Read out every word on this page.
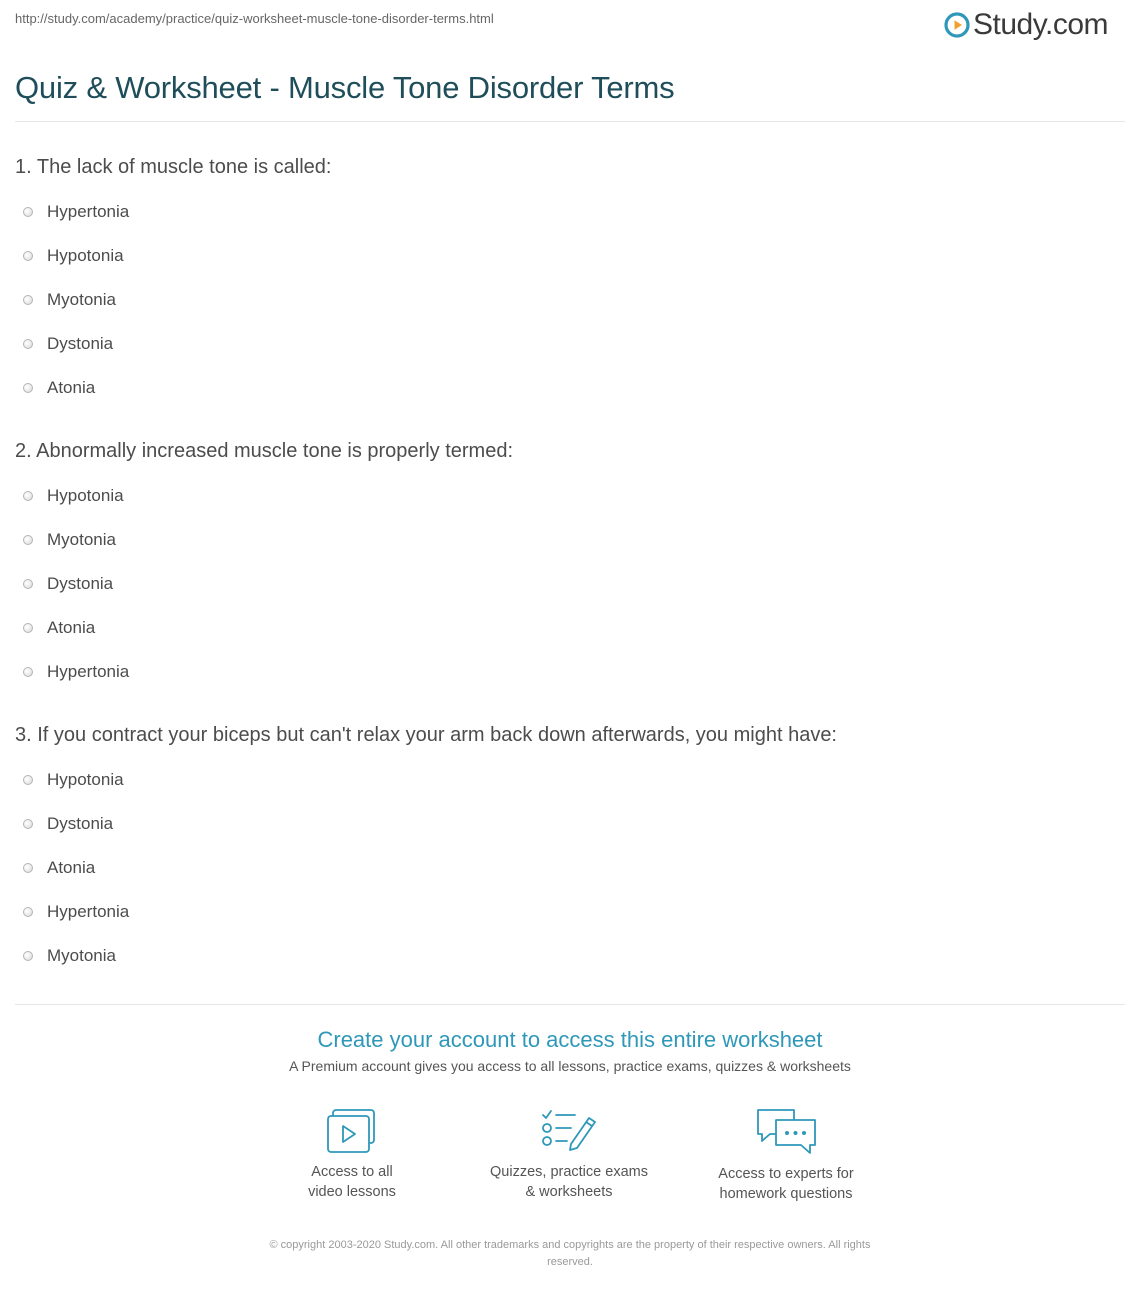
http://study.com/academy/practice/quiz-worksheet-muscle-tone-disorder-terms.html	Study.com
Quiz & Worksheet - Muscle Tone Disorder Terms
1. The lack of muscle tone is called:
Hypertonia
Hypotonia
Myotonia
Dystonia
Atonia
2. Abnormally increased muscle tone is properly termed:
Hypotonia
Myotonia
Dystonia
Atonia
Hypertonia
3. If you contract your biceps but can't relax your arm back down afterwards, you might have:
Hypotonia
Dystonia
Atonia
Hypertonia
Myotonia
Create your account to access this entire worksheet
A Premium account gives you access to all lessons, practice exams, quizzes & worksheets
Access to all
video lessons
Quizzes, practice exams
& worksheets
Access to experts for
homework questions
© copyright 2003-2020 Study.com. All other trademarks and copyrights are the property of their respective owners. All rights
reserved.
